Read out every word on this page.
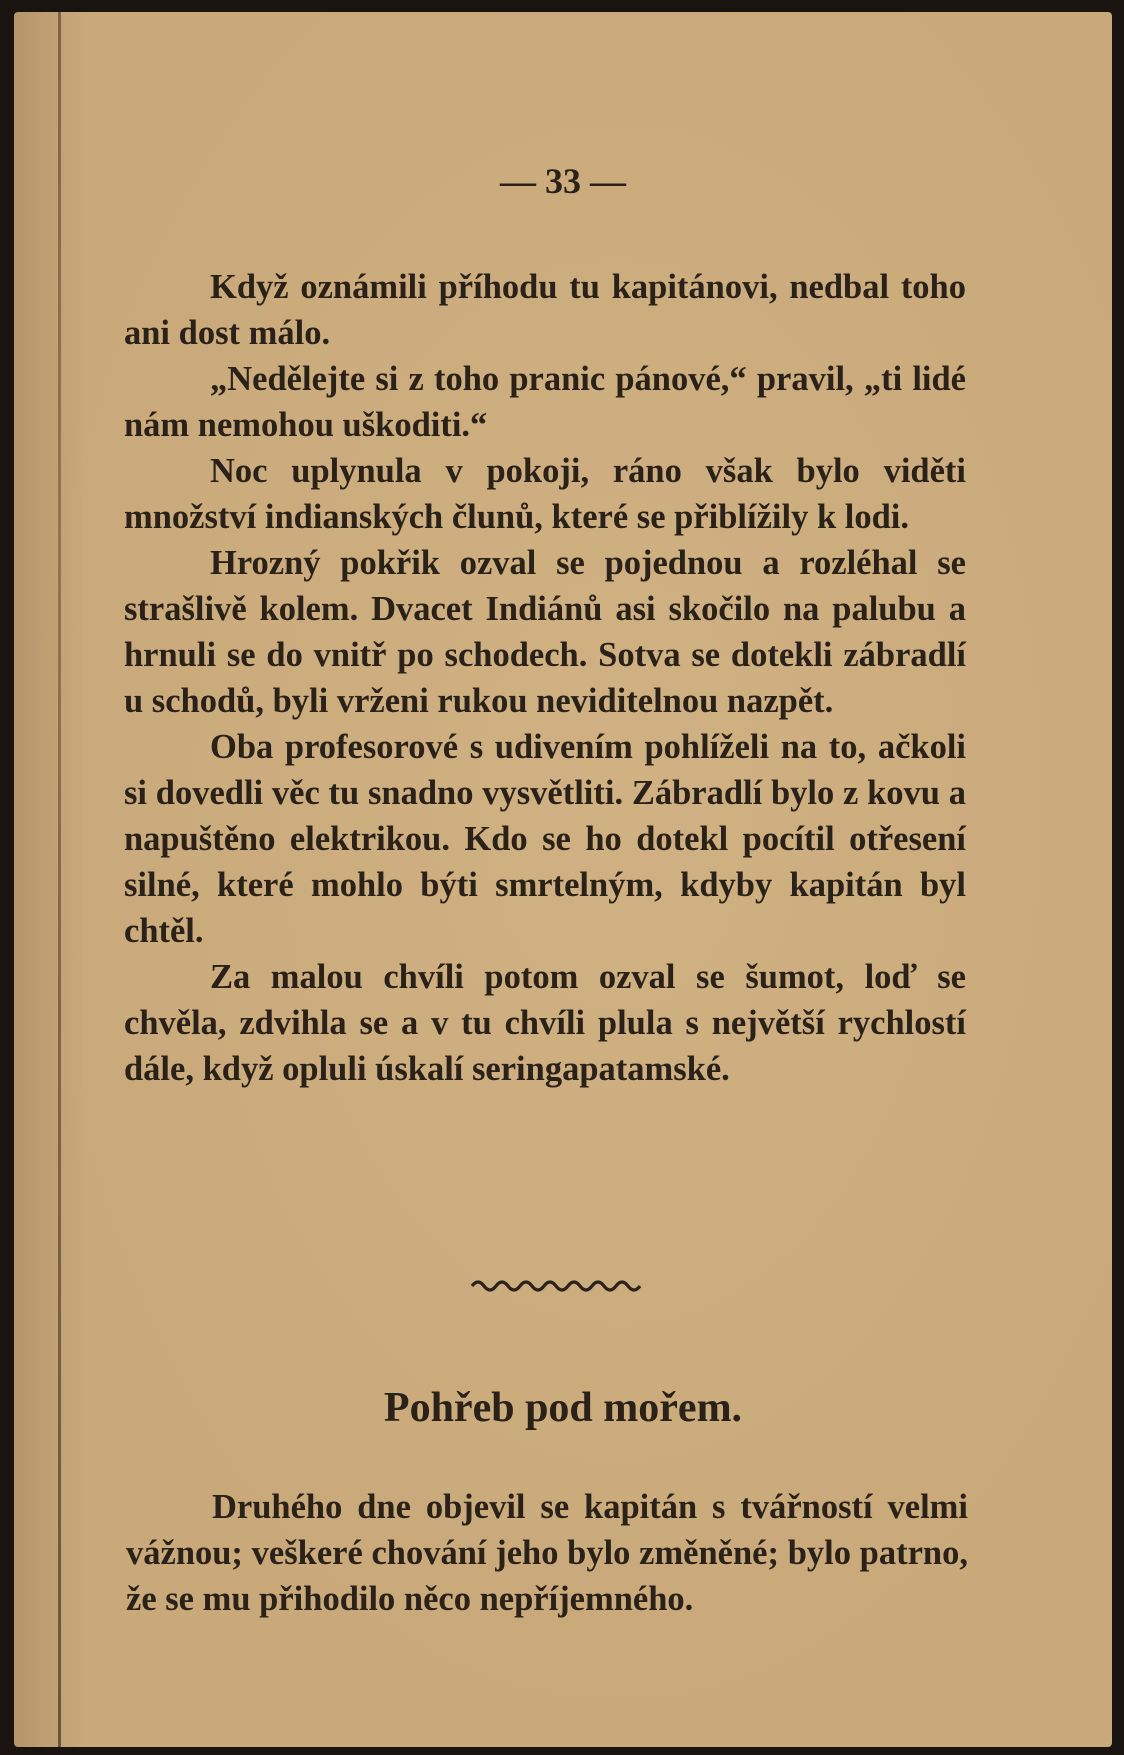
— 33 —

Když oznámili příhodu tu kapitánovi, nedbal toho ani dost málo.

„Nedělejte si z toho pranic pánové,“ pravil, „ti lidé nám nemohou uškoditi.“

Noc uplynula v pokoji, ráno však bylo viděti množství indianských člunů, které se přiblížily k lodi.

Hrozný pokřik ozval se pojednou a rozléhal se strašlivě kolem. Dvacet Indiánů asi skočilo na palubu a hrnuli se do vnitř po schodech. Sotva se dotekli zábradlí u schodů, byli vrženi rukou neviditelnou nazpět.

Oba profesorové s udivením pohlíželi na to, ačkoli si dovedli věc tu snadno vysvětliti. Zábradlí bylo z kovu a napuštěno elektrikou. Kdo se ho dotekl pocítil otřesení silné, které mohlo býti smrtelným, kdyby kapitán byl chtěl.

Za malou chvíli potom ozval se šumot, loď se chvěla, zdvihla se a v tu chvíli plula s největší rychlostí dále, když opluli úskalí seringapatamské.

Pohřeb pod mořem.

Druhého dne objevil se kapitán s tvářností velmi vážnou; veškeré chování jeho bylo změněné; bylo patrno, že se mu přihodilo něco nepříjemného.
